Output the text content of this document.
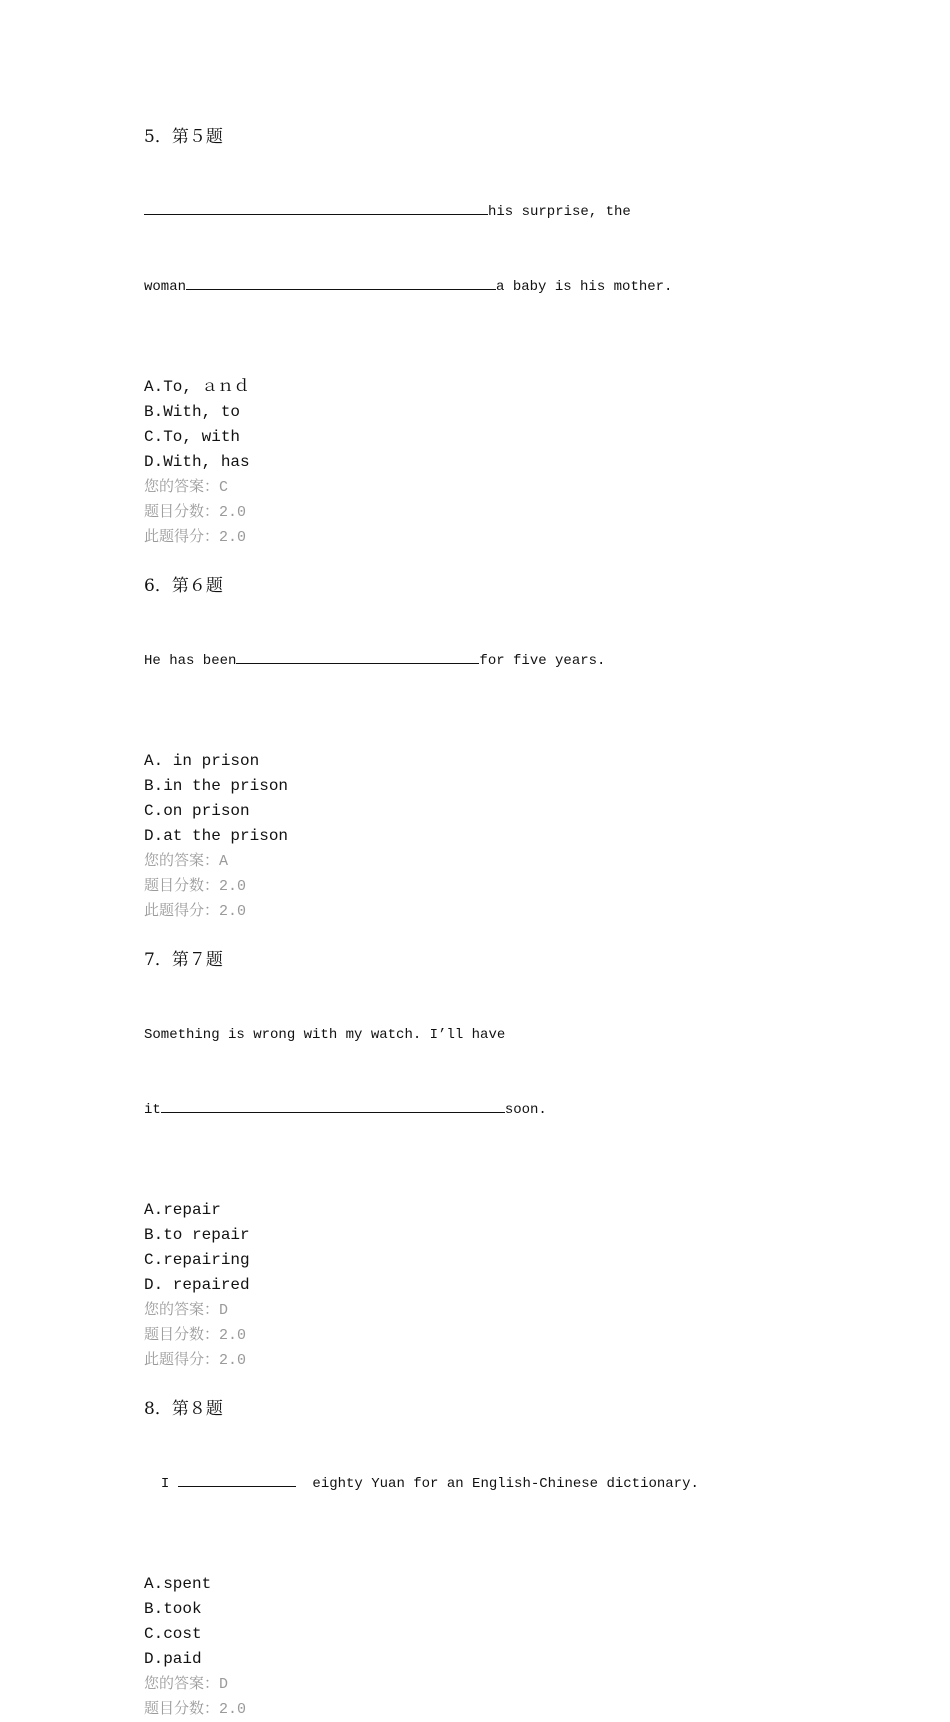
5．第５题

his surprise, the

woman	a baby is his mother.

A.To, ａｎｄ
B.With, to
C.To, with
D.With, has
您的答案：C
题目分数：2.0
此题得分：2.0
6．第６题

He has been	for five years.

A. in prison
B.in the prison
C.on prison
D.at the prison
您的答案：A
题目分数：2.0
此题得分：2.0
7．第７题

Something is wrong with my watch. I’ll have

it	soon.

A.repair
B.to repair
C.repairing
D. repaired
您的答案：D
题目分数：2.0
此题得分：2.0
8．第８题

I	eighty Yuan for an English-Chinese dictionary.

A.spent
B.took
C.cost
D.paid
您的答案：D
题目分数：2.0
